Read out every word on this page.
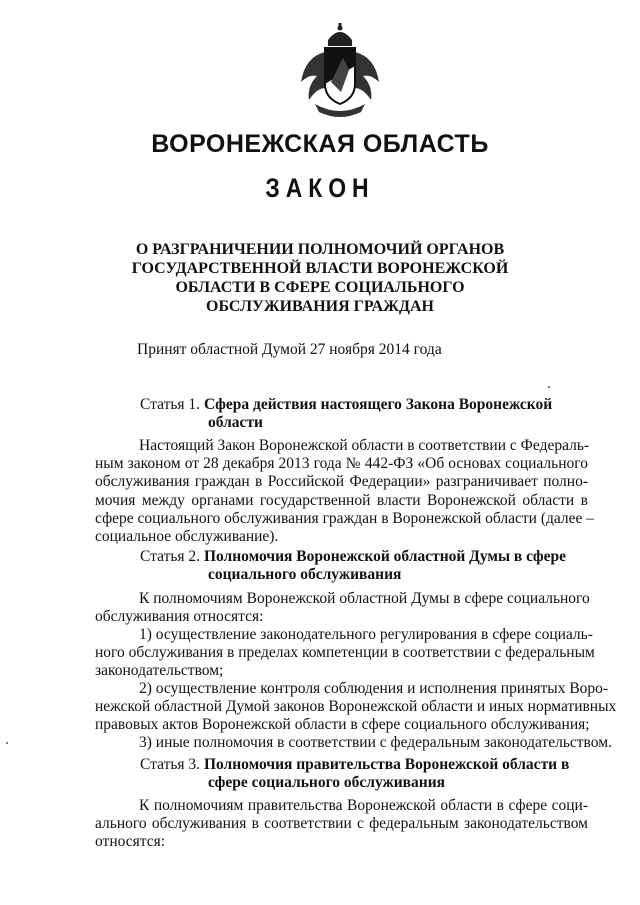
ВОРОНЕЖСКАЯ ОБЛАСТЬ
ЗАКОН
О РАЗГРАНИЧЕНИИ ПОЛНОМОЧИЙ ОРГАНОВ
ГОСУДАРСТВЕННОЙ ВЛАСТИ ВОРОНЕЖСКОЙ
ОБЛАСТИ В СФЕРЕ СОЦИАЛЬНОГО
ОБСЛУЖИВАНИЯ ГРАЖДАН
Принят областной Думой 27 ноября 2014 года
Статья 1. Сфера действия настоящего Закона Воронежской
области
Настоящий Закон Воронежской области в соответствии с Федераль-
ным законом от 28 декабря 2013 года № 442-ФЗ «Об основах социального
обслуживания граждан в Российской Федерации» разграничивает полно-
мочия между органами государственной власти Воронежской области в
сфере социального обслуживания граждан в Воронежской области (далее –
социальное обслуживание).
Статья 2. Полномочия Воронежской областной Думы в сфере
социального обслуживания
К полномочиям Воронежской областной Думы в сфере социального
обслуживания относятся:
1) осуществление законодательного регулирования в сфере социаль-
ного обслуживания в пределах компетенции в соответствии с федеральным
законодательством;
2) осуществление контроля соблюдения и исполнения принятых Воро-
нежской областной Думой законов Воронежской области и иных нормативных
правовых актов Воронежской области в сфере социального обслуживания;
3) иные полномочия в соответствии с федеральным законодательством.
Статья 3. Полномочия правительства Воронежской области в
сфере социального обслуживания
К полномочиям правительства Воронежской области в сфере соци-
ального обслуживания в соответствии с федеральным законодательством
относятся:
